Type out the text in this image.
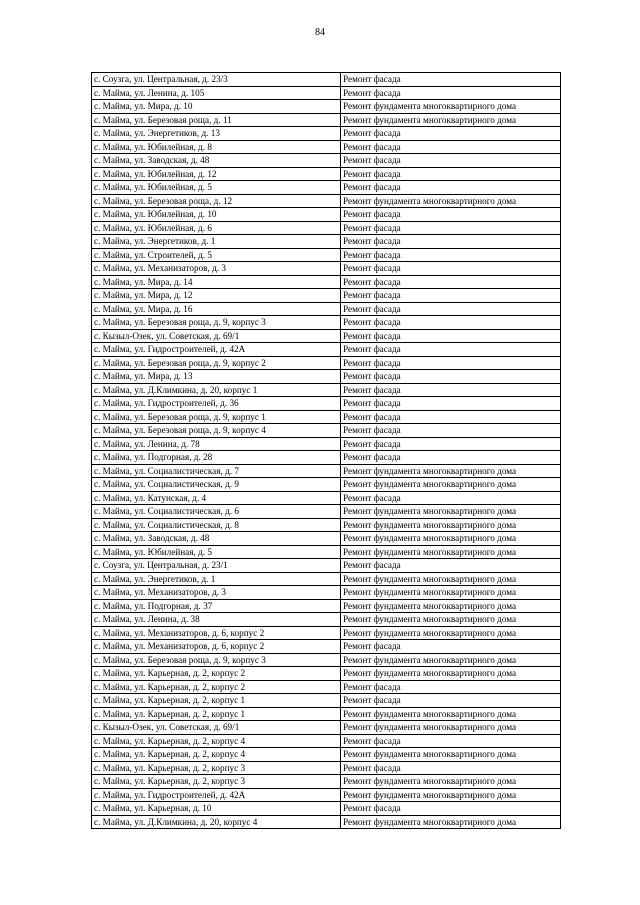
84
с. Соузга, ул. Центральная, д. 23/3	Ремонт фасада
с. Майма, ул. Ленина, д. 105	Ремонт фасада
с. Майма, ул. Мира, д. 10	Ремонт фундамента многоквартирного дома
с. Майма, ул. Березовая роща, д. 11	Ремонт фундамента многоквартирного дома
с. Майма, ул. Энергетиков, д. 13	Ремонт фасада
с. Майма, ул. Юбилейная, д. 8	Ремонт фасада
с. Майма, ул. Заводская, д. 48	Ремонт фасада
с. Майма, ул. Юбилейная, д. 12	Ремонт фасада
с. Майма, ул. Юбилейная, д. 5	Ремонт фасада
с. Майма, ул. Березовая роща, д. 12	Ремонт фундамента многоквартирного дома
с. Майма, ул. Юбилейная, д. 10	Ремонт фасада
с. Майма, ул. Юбилейная, д. 6	Ремонт фасада
с. Майма, ул. Энергетиков, д. 1	Ремонт фасада
с. Майма, ул. Строителей, д. 5	Ремонт фасада
с. Майма, ул. Механизаторов, д. 3	Ремонт фасада
с. Майма, ул. Мира, д. 14	Ремонт фасада
с. Майма, ул. Мира, д. 12	Ремонт фасада
с. Майма, ул. Мира, д. 16	Ремонт фасада
с. Майма, ул. Березовая роща, д. 9, корпус 3	Ремонт фасада
с. Кызыл-Озек, ул. Советская, д. 69/1	Ремонт фасада
с. Майма, ул. Гидростроителей, д. 42А	Ремонт фасада
с. Майма, ул. Березовая роща, д. 9, корпус 2	Ремонт фасада
с. Майма, ул. Мира, д. 13	Ремонт фасада
с. Майма, ул. Д.Климкина, д. 20, корпус 1	Ремонт фасада
с. Майма, ул. Гидростроителей, д. 36	Ремонт фасада
с. Майма, ул. Березовая роща, д. 9, корпус 1	Ремонт фасада
с. Майма, ул. Березовая роща, д. 9, корпус 4	Ремонт фасада
с. Майма, ул. Ленина, д. 78	Ремонт фасада
с. Майма, ул. Подгорная, д. 28	Ремонт фасада
с. Майма, ул. Социалистическая, д. 7	Ремонт фундамента многоквартирного дома
с. Майма, ул. Социалистическая, д. 9	Ремонт фундамента многоквартирного дома
с. Майма, ул. Катунская, д. 4	Ремонт фасада
с. Майма, ул. Социалистическая, д. 6	Ремонт фундамента многоквартирного дома
с. Майма, ул. Социалистическая, д. 8	Ремонт фундамента многоквартирного дома
с. Майма, ул. Заводская, д. 48	Ремонт фундамента многоквартирного дома
с. Майма, ул. Юбилейная, д. 5	Ремонт фундамента многоквартирного дома
с. Соузга, ул. Центральная, д. 23/1	Ремонт фасада
с. Майма, ул. Энергетиков, д. 1	Ремонт фундамента многоквартирного дома
с. Майма, ул. Механизаторов, д. 3	Ремонт фундамента многоквартирного дома
с. Майма, ул. Подгорная, д. 37	Ремонт фундамента многоквартирного дома
с. Майма, ул. Ленина, д. 38	Ремонт фундамента многоквартирного дома
с. Майма, ул. Механизаторов, д. 6, корпус 2	Ремонт фундамента многоквартирного дома
с. Майма, ул. Механизаторов, д. 6, корпус 2	Ремонт фасада
с. Майма, ул. Березовая роща, д. 9, корпус 3	Ремонт фундамента многоквартирного дома
с. Майма, ул. Карьерная, д. 2, корпус 2	Ремонт фундамента многоквартирного дома
с. Майма, ул. Карьерная, д. 2, корпус 2	Ремонт фасада
с. Майма, ул. Карьерная, д. 2, корпус 1	Ремонт фасада
с. Майма, ул. Карьерная, д. 2, корпус 1	Ремонт фундамента многоквартирного дома
с. Кызыл-Озек, ул. Советская, д. 69/1	Ремонт фундамента многоквартирного дома
с. Майма, ул. Карьерная, д. 2, корпус 4	Ремонт фасада
с. Майма, ул. Карьерная, д. 2, корпус 4	Ремонт фундамента многоквартирного дома
с. Майма, ул. Карьерная, д. 2, корпус 3	Ремонт фасада
с. Майма, ул. Карьерная, д. 2, корпус 3	Ремонт фундамента многоквартирного дома
с. Майма, ул. Гидростроителей, д. 42А	Ремонт фундамента многоквартирного дома
с. Майма, ул. Карьерная, д. 10	Ремонт фасада
с. Майма, ул. Д.Климкина, д. 20, корпус 4	Ремонт фундамента многоквартирного дома
